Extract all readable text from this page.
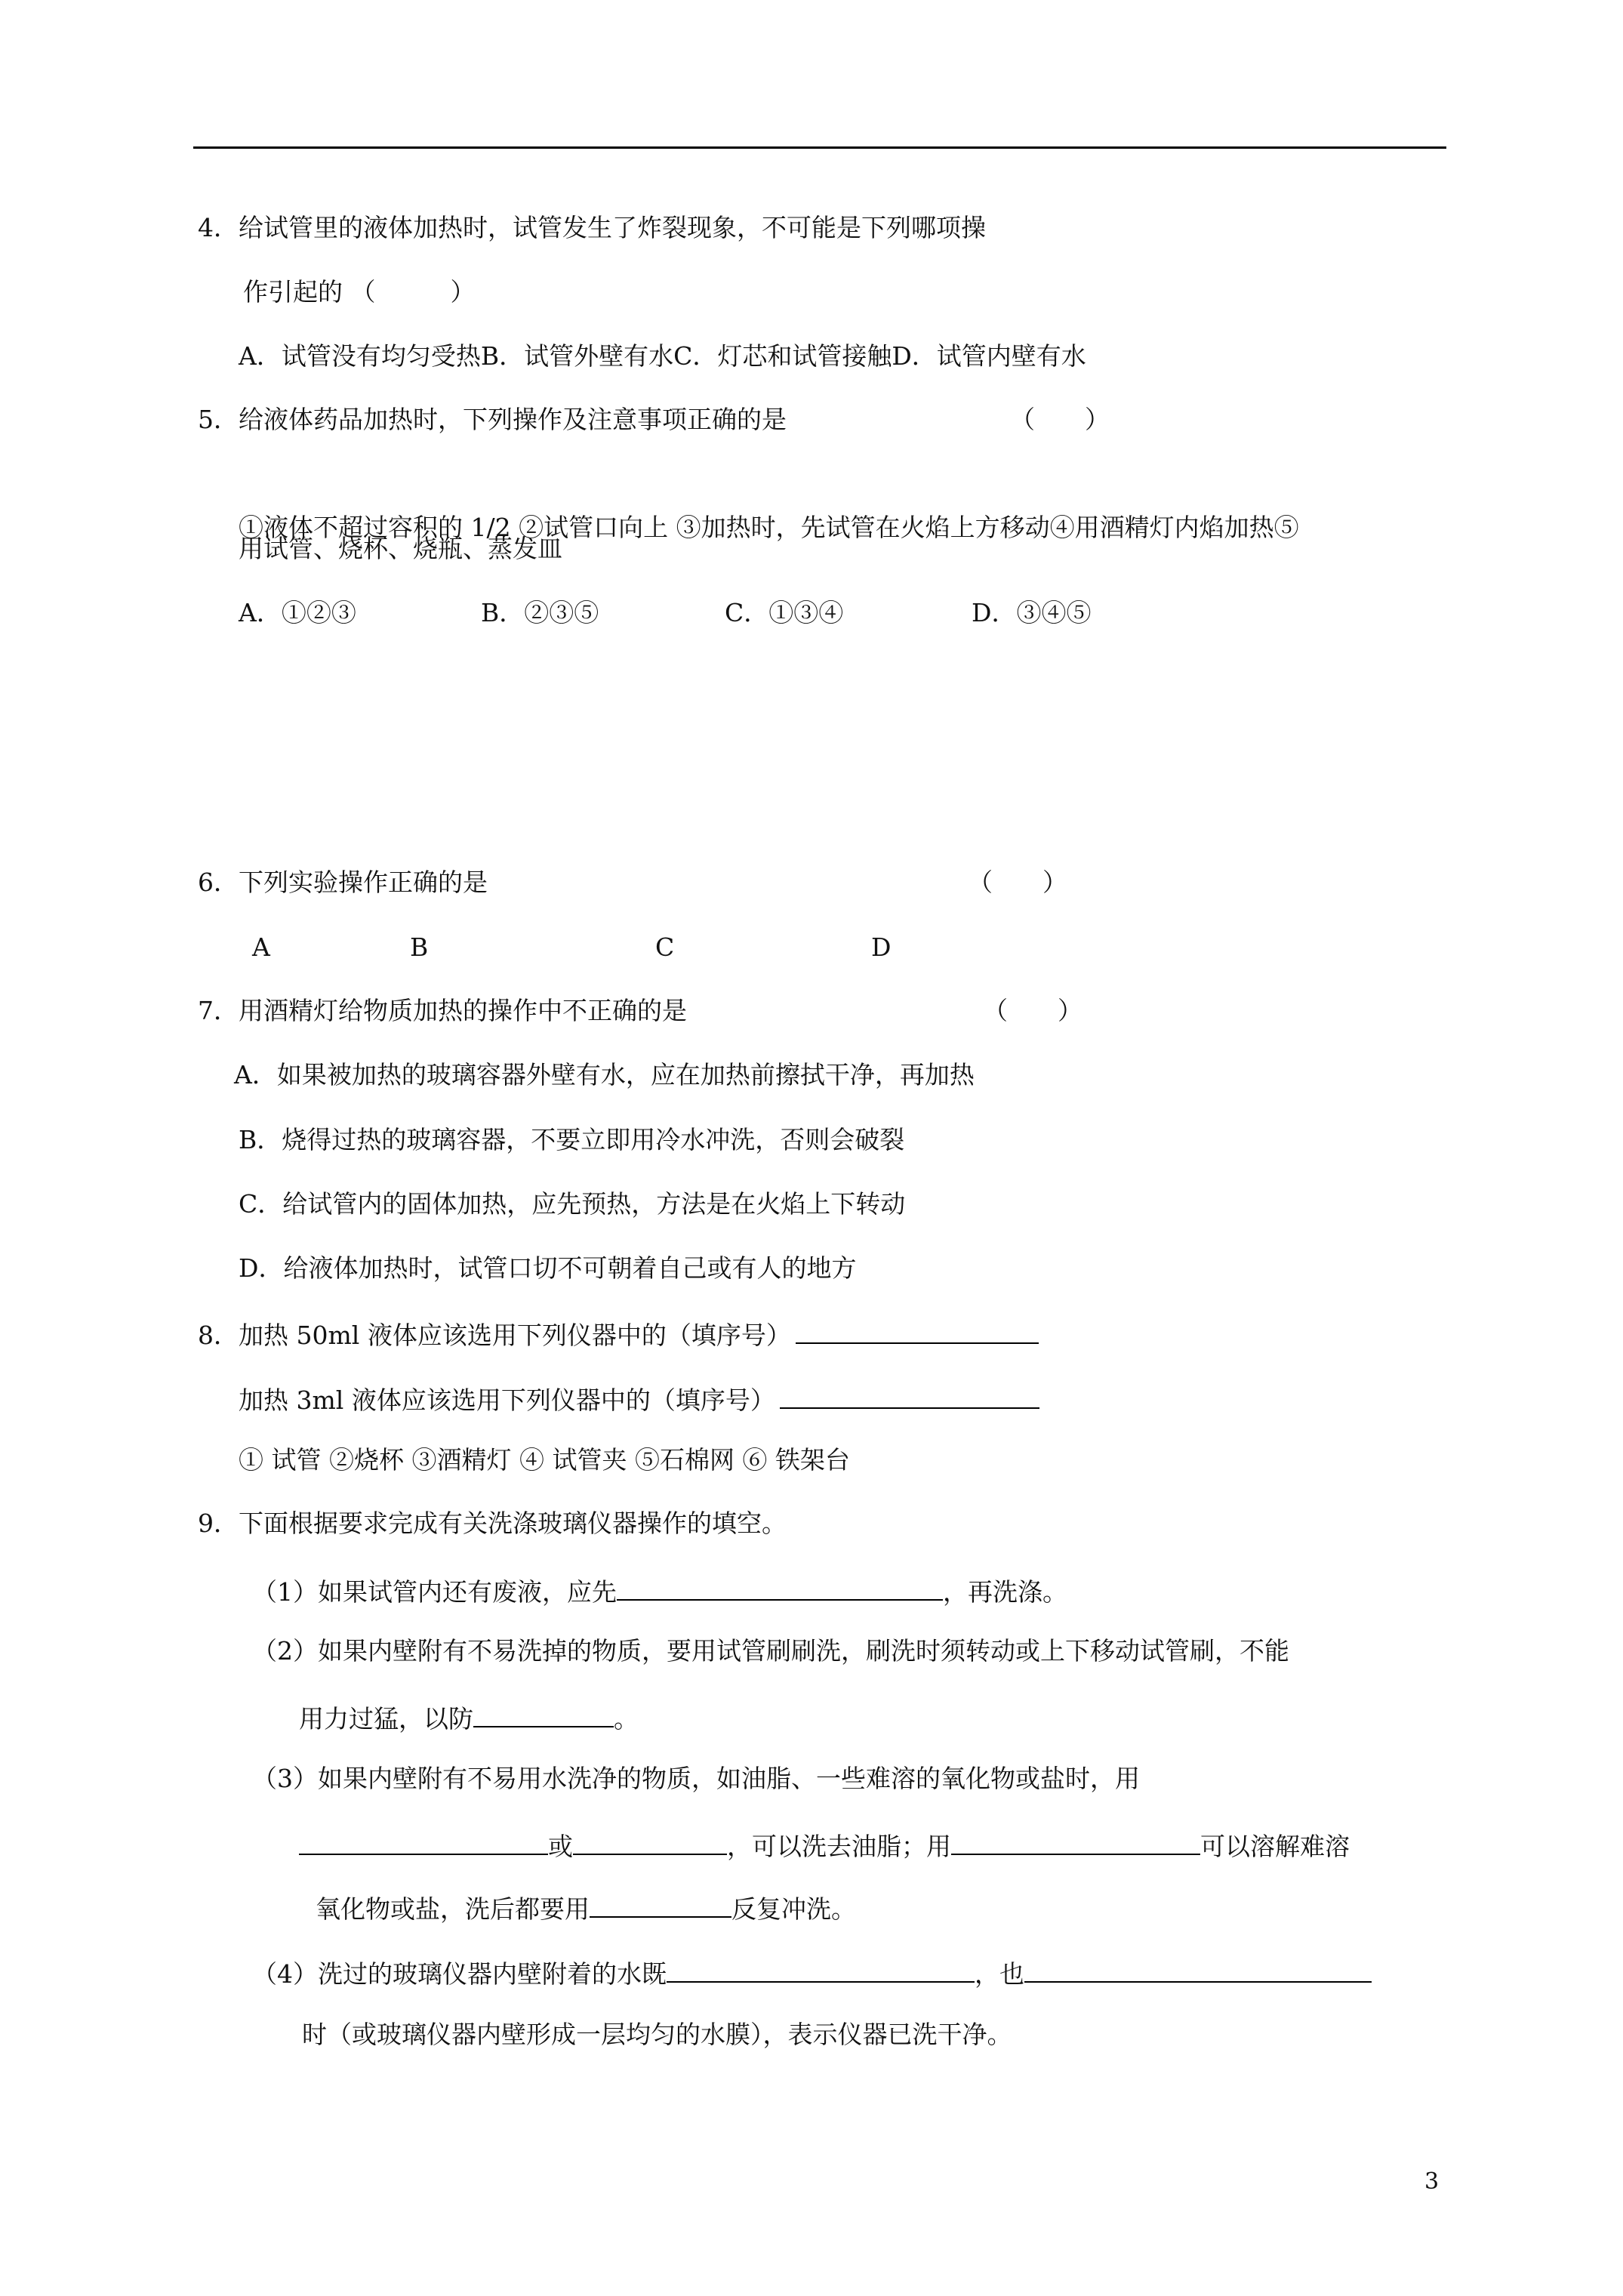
4．给试管里的液体加热时，试管发生了炸裂现象，不可能是下列哪项操
作引起的 （　　　）
A．试管没有均匀受热B．试管外壁有水C．灯芯和试管接触D．试管内壁有水
5．给液体药品加热时，下列操作及注意事项正确的是	（　　）
①液体不超过容积的 1/2 ②试管口向上 ③加热时，先试管在火焰上方移动④用酒精灯内焰加热⑤
用试管、烧杯、烧瓶、蒸发皿
A．①②③	B．②③⑤	C．①③④	D．③④⑤
6．下列实验操作正确的是	（　　）
A	B	C	D
7．用酒精灯给物质加热的操作中不正确的是	（　　）
A．如果被加热的玻璃容器外壁有水，应在加热前擦拭干净，再加热
B．烧得过热的玻璃容器，不要立即用冷水冲洗，否则会破裂
C．给试管内的固体加热，应先预热，方法是在火焰上下转动
D．给液体加热时，试管口切不可朝着自己或有人的地方
8．加热 50ml 液体应该选用下列仪器中的（填序号）
加热 3ml 液体应该选用下列仪器中的（填序号）
① 试管 ②烧杯 ③酒精灯 ④ 试管夹 ⑤石棉网 ⑥ 铁架台
9．下面根据要求完成有关洗涤玻璃仪器操作的填空。
（1）如果试管内还有废液，应先	，再洗涤。
（2）如果内壁附有不易洗掉的物质，要用试管刷刷洗，刷洗时须转动或上下移动试管刷，不能
用力过猛，以防	。
（3）如果内壁附有不易用水洗净的物质，如油脂、一些难溶的氧化物或盐时，用
或	，可以洗去油脂；用	可以溶解难溶
氧化物或盐，洗后都要用	反复冲洗。
（4）洗过的玻璃仪器内壁附着的水既	，也
时（或玻璃仪器内壁形成一层均匀的水膜），表示仪器已洗干净。
3
